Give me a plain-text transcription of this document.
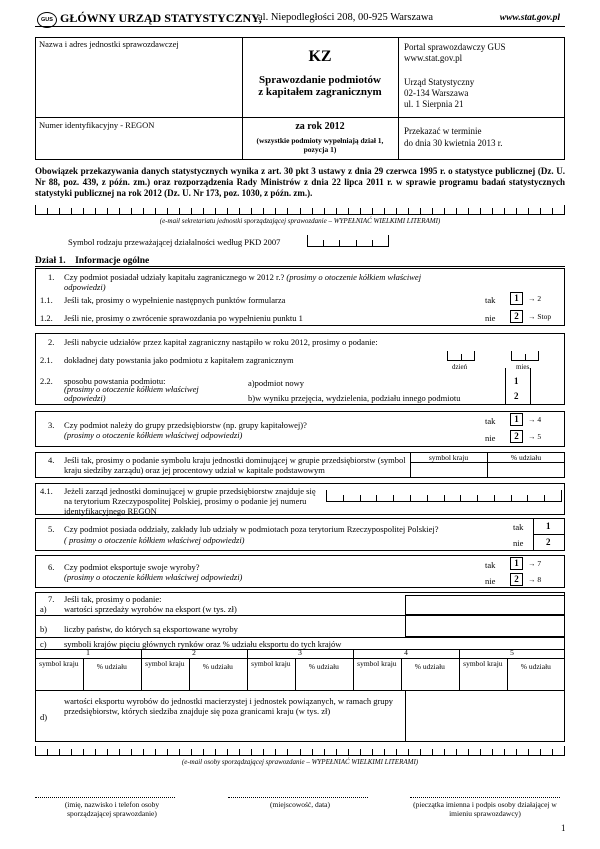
GUS GŁÓWNY URZĄD STATYSTYCZNY,
al. Niepodległości 208, 00-925 Warszawa	www.stat.gov.pl
Nazwa i adres jednostki sprawozdawczej
Numer identyfikacyjny - REGON
KZ
Sprawozdanie podmiotów z kapitałem zagranicznym
za rok 2012
(wszystkie podmioty wypełniają dział 1, pozycja 1)
Portal sprawozdawczy GUS
www.stat.gov.pl
Urząd Statystyczny
02-134 Warszawa
ul. 1 Sierpnia 21
Przekazać w terminie
do dnia 30 kwietnia 2013 r.
Obowiązek przekazywania danych statystycznych wynika z art. 30 pkt 3 ustawy z dnia 29 czerwca 1995 r. o statystyce publicznej (Dz. U. Nr 88, poz. 439, z późn. zm.) oraz rozporządzenia Rady Ministrów z dnia 22 lipca 2011 r. w sprawie programu badań statystycznych statystyki publicznej na rok 2012 (Dz. U. Nr 173, poz. 1030, z późn. zm.).
(e-mail sekretariatu jednostki sporządzającej sprawozdanie – WYPEŁNIAĆ WIELKIMI LITERAMI)
Symbol rodzaju przeważającej działalności według PKD 2007
Dział 1. Informacje ogólne
1. Czy podmiot posiadał udziały kapitału zagranicznego w 2012 r.? (prosimy o otoczenie kółkiem właściwej odpowiedzi)
1.1. Jeśli tak, prosimy o wypełnienie następnych punktów formularza
1.2. Jeśli nie, prosimy o zwrócenie sprawozdania po wypełnieniu punktu 1
tak
nie
1
2
→ 2
→ Stop
2. Jeśli nabycie udziałów przez kapitał zagraniczny nastąpiło w roku 2012, prosimy o podanie:
2.1. dokładnej daty powstania jako podmiotu z kapitałem zagranicznym
dzień	mies.
2.2. sposobu powstania podmiotu:
(prosimy o otoczenie kółkiem właściwej odpowiedzi)
a)podmiot nowy
b)w wyniku przejęcia, wydzielenia, podziału innego podmiotu
1
2
3. Czy podmiot należy do grupy przedsiębiorstw (np. grupy kapitałowej)?
(prosimy o otoczenie kółkiem właściwej odpowiedzi)
tak
nie
1
2
→ 4
→ 5
4. Jeśli tak, prosimy o podanie symbolu kraju jednostki dominującej w grupie przedsiębiorstw (symbol kraju siedziby zarządu) oraz jej procentowy udział w kapitale podstawowym
symbol kraju	% udziału
4.1. Jeżeli zarząd jednostki dominującej w grupie przedsiębiorstw znajduje się na terytorium Rzeczypospolitej Polskiej, prosimy o podanie jej numeru identyfikacyjnego REGON
5. Czy podmiot posiada oddziały, zakłady lub udziały w podmiotach poza terytorium Rzeczypospolitej Polskiej?
( prosimy o otoczenie kółkiem właściwej odpowiedzi)
tak
nie
1
2
6. Czy podmiot eksportuje swoje wyroby?
(prosimy o otoczenie kółkiem właściwej odpowiedzi)
tak
nie
1
2
→ 7
→ 8
7. Jeśli tak, prosimy o podanie:
a) wartości sprzedaży wyrobów na eksport (w tys. zł)
b) liczby państw, do których są eksportowane wyroby
c) symboli krajów pięciu głównych rynków oraz % udziału eksportu do tych krajów
1
symbol kraju	% udziału
2
symbol kraju	% udziału
3
symbol kraju	% udziału
4
symbol kraju	% udziału
5
symbol kraju	% udziału
d)
wartości eksportu wyrobów do jednostki macierzystej i jednostek powiązanych, w ramach grupy przedsiębiorstw, których siedziba znajduje się poza granicami kraju (w tys. zł)
(e-mail osoby sporządzającej sprawozdanie – WYPEŁNIAĆ WIELKIMI LITERAMI)
(imię, nazwisko i telefon osoby sporządzającej sprawozdanie)
(miejscowość, data)	(pieczątka imienna i podpis osoby działającej w imieniu sprawozdawcy)
1
